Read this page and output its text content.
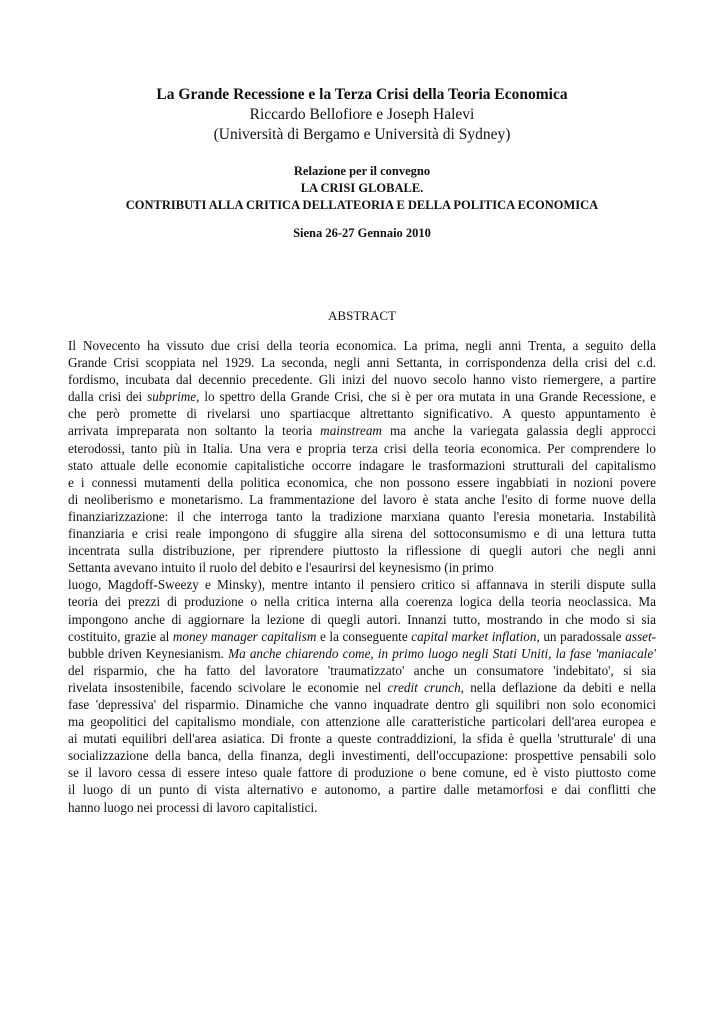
La Grande Recessione e la Terza Crisi della Teoria Economica
Riccardo Bellofiore e Joseph Halevi
(Università di Bergamo e Università di Sydney)
Relazione per il convegno
LA CRISI GLOBALE.
CONTRIBUTI ALLA CRITICA DELLATEORIA E DELLA POLITICA ECONOMICA
Siena 26-27 Gennaio 2010
ABSTRACT
Il Novecento ha vissuto due crisi della teoria economica. La prima, negli anni Trenta, a seguito della
Grande Crisi scoppiata nel 1929. La seconda, negli anni Settanta, in corrispondenza della crisi del c.d.
fordismo, incubata dal decennio precedente. Gli inizi del nuovo secolo hanno visto riemergere, a partire
dalla crisi dei subprime, lo spettro della Grande Crisi, che si è per ora mutata in una Grande Recessione, e
che però promette di rivelarsi uno spartiacque altrettanto significativo. A questo appuntamento è
arrivata impreparata non soltanto la teoria mainstream ma anche la variegata galassia degli approcci
eterodossi, tanto più in Italia. Una vera e propria terza crisi della teoria economica. Per comprendere lo
stato attuale delle economie capitalistiche occorre indagare le trasformazioni strutturali del capitalismo
e i connessi mutamenti della politica economica, che non possono essere ingabbiati in nozioni povere
di neoliberismo e monetarismo. La frammentazione del lavoro è stata anche l'esito di forme nuove della
finanziarizzazione: il che interroga tanto la tradizione marxiana quanto l'eresia monetaria. Instabilità
finanziaria e crisi reale impongono di sfuggire alla sirena del sottoconsumismo e di una lettura tutta
incentrata sulla distribuzione, per riprendere piuttosto la riflessione di quegli autori che negli anni
Settanta avevano intuito il ruolo del debito e l'esaurirsi del keynesismo (in primo
luogo, Magdoff-Sweezy e Minsky), mentre intanto il pensiero critico si affannava in sterili dispute sulla
teoria dei prezzi di produzione o nella critica interna alla coerenza logica della teoria neoclassica. Ma
impongono anche di aggiornare la lezione di quegli autori. Innanzi tutto, mostrando in che modo si sia
costituito, grazie al money manager capitalism e la conseguente capital market inflation, un paradossale asset-
bubble driven Keynesianism. Ma anche chiarendo come, in primo luogo negli Stati Uniti, la fase 'maniacale'
del risparmio, che ha fatto del lavoratore 'traumatizzato' anche un consumatore 'indebitato', si sia
rivelata insostenibile, facendo scivolare le economie nel credit crunch, nella deflazione da debiti e nella
fase 'depressiva' del risparmio. Dinamiche che vanno inquadrate dentro gli squilibri non solo economici
ma geopolitici del capitalismo mondiale, con attenzione alle caratteristiche particolari dell'area europea e
ai mutati equilibri dell'area asiatica. Di fronte a queste contraddizioni, la sfida è quella 'strutturale' di una
socializzazione della banca, della finanza, degli investimenti, dell'occupazione: prospettive pensabili solo
se il lavoro cessa di essere inteso quale fattore di produzione o bene comune, ed è visto piuttosto come
il luogo di un punto di vista alternativo e autonomo, a partire dalle metamorfosi e dai conflitti che
hanno luogo nei processi di lavoro capitalistici.
